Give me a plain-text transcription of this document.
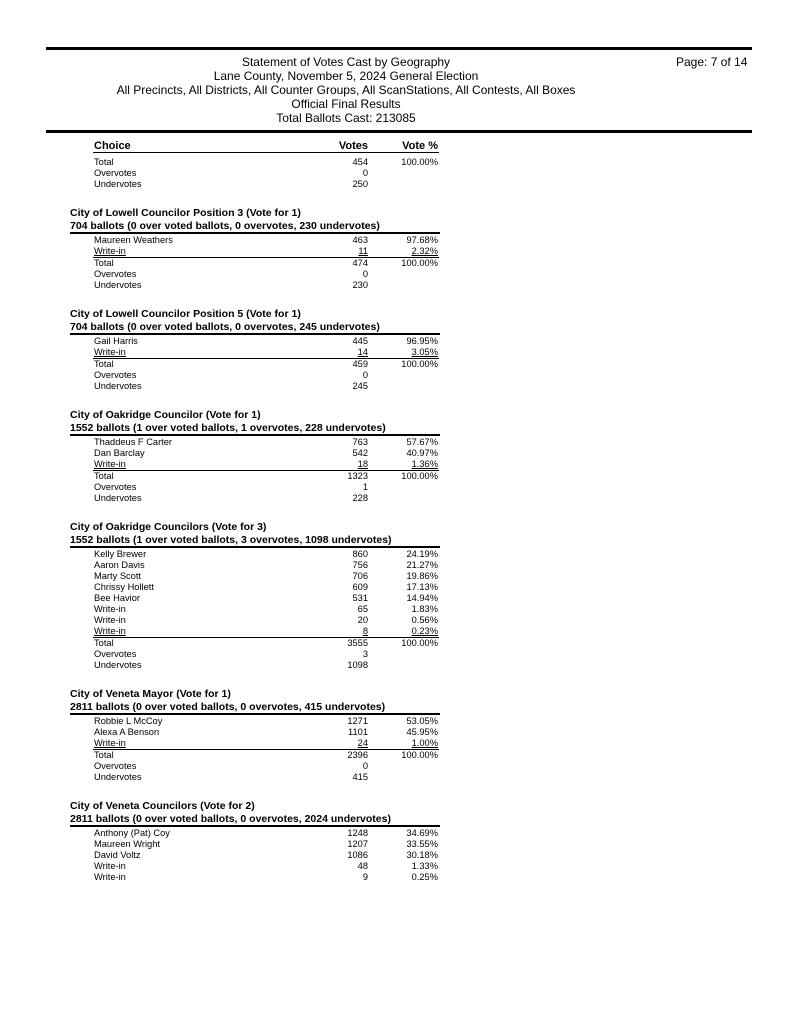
Statement of Votes Cast by Geography
Lane County, November 5, 2024 General Election
All Precincts, All Districts, All Counter Groups, All ScanStations, All Contests, All Boxes
Official Final Results
Total Ballots Cast: 213085
Page: 7 of 14
Choice	Votes	Vote %
Total	454	100.00%
Overvotes	0
Undervotes	250
City of Lowell Councilor Position 3 (Vote for 1)
704 ballots (0 over voted ballots, 0 overvotes, 230 undervotes)
Maureen Weathers	463	97.68%
Write-in	11	2.32%
Total	474	100.00%
Overvotes	0
Undervotes	230
City of Lowell Councilor Position 5 (Vote for 1)
704 ballots (0 over voted ballots, 0 overvotes, 245 undervotes)
Gail Harris	445	96.95%
Write-in	14	3.05%
Total	459	100.00%
Overvotes	0
Undervotes	245
City of Oakridge Councilor (Vote for 1)
1552 ballots (1 over voted ballots, 1 overvotes, 228 undervotes)
Thaddeus F Carter	763	57.67%
Dan Barclay	542	40.97%
Write-in	18	1.36%
Total	1323	100.00%
Overvotes	1
Undervotes	228
City of Oakridge Councilors (Vote for 3)
1552 ballots (1 over voted ballots, 3 overvotes, 1098 undervotes)
Kelly Brewer	860	24.19%
Aaron Davis	756	21.27%
Marty Scott	706	19.86%
Chrissy Hollett	609	17.13%
Bee Havior	531	14.94%
Write-in	65	1.83%
Write-in	20	0.56%
Write-in	8	0.23%
Total	3555	100.00%
Overvotes	3
Undervotes	1098
City of Veneta Mayor (Vote for 1)
2811 ballots (0 over voted ballots, 0 overvotes, 415 undervotes)
Robbie L McCoy	1271	53.05%
Alexa A Benson	1101	45.95%
Write-in	24	1.00%
Total	2396	100.00%
Overvotes	0
Undervotes	415
City of Veneta Councilors (Vote for 2)
2811 ballots (0 over voted ballots, 0 overvotes, 2024 undervotes)
Anthony (Pat) Coy	1248	34.69%
Maureen Wright	1207	33.55%
David Voltz	1086	30.18%
Write-in	48	1.33%
Write-in	9	0.25%
